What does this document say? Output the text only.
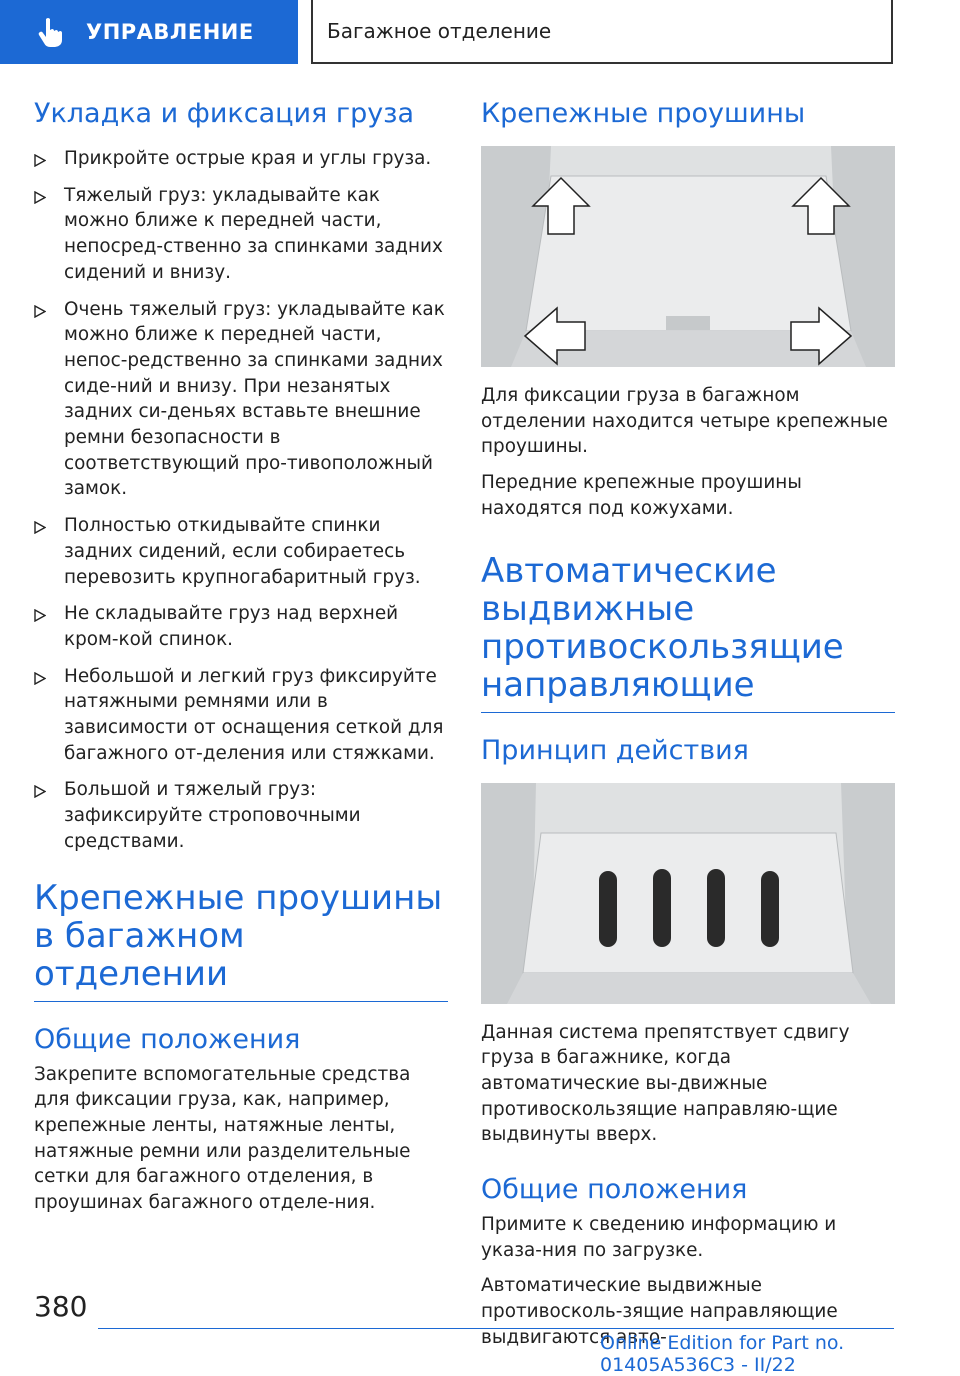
УПРАВЛЕНИЕ	Багажное отделение
Укладка и фиксация груза
Прикройте острые края и углы груза.
Тяжелый груз: укладывайте как можно ближе к передней части, непосред-ственно за спинками задних сидений и внизу.
Очень тяжелый груз: укладывайте как можно ближе к передней части, непос-редственно за спинками задних сиде-ний и внизу. При незанятых задних си-деньях вставьте внешние ремни безопасности в соответствующий про-тивоположный замок.
Полностью откидывайте спинки задних сидений, если собираетесь перевозить крупногабаритный груз.
Не складывайте груз над верхней кром-кой спинок.
Небольшой и легкий груз фиксируйте натяжными ремнями или в зависимости от оснащения сеткой для багажного от-деления или стяжками.
Большой и тяжелый груз: зафиксируйте строповочными средствами.
Крепежные проушины в багажном отделении
Общие положения

Закрепите вспомогательные средства для фиксации груза, как, например, крепежные ленты, натяжные ленты, натяжные ремни или разделительные сетки для багажного отделения, в проушинах багажного отделе-ния.

Крепежные проушины

Для фиксации груза в багажном отделении находится четыре крепежные проушины.

Передние крепежные проушины находятся под кожухами.

Автоматические выдвижные противоскользящие направляющие
Принцип действия

Данная система препятствует сдвигу груза в багажнике, когда автоматические вы-движные противоскользящие направляю-щие выдвинуты вверх.

Общие положения

Примите к сведению информацию и указа-ния по загрузке.

Автоматические выдвижные противосколь-зящие направляющие выдвигаются авто-

380
Online Edition for Part no. 01405A536C3 - II/22
